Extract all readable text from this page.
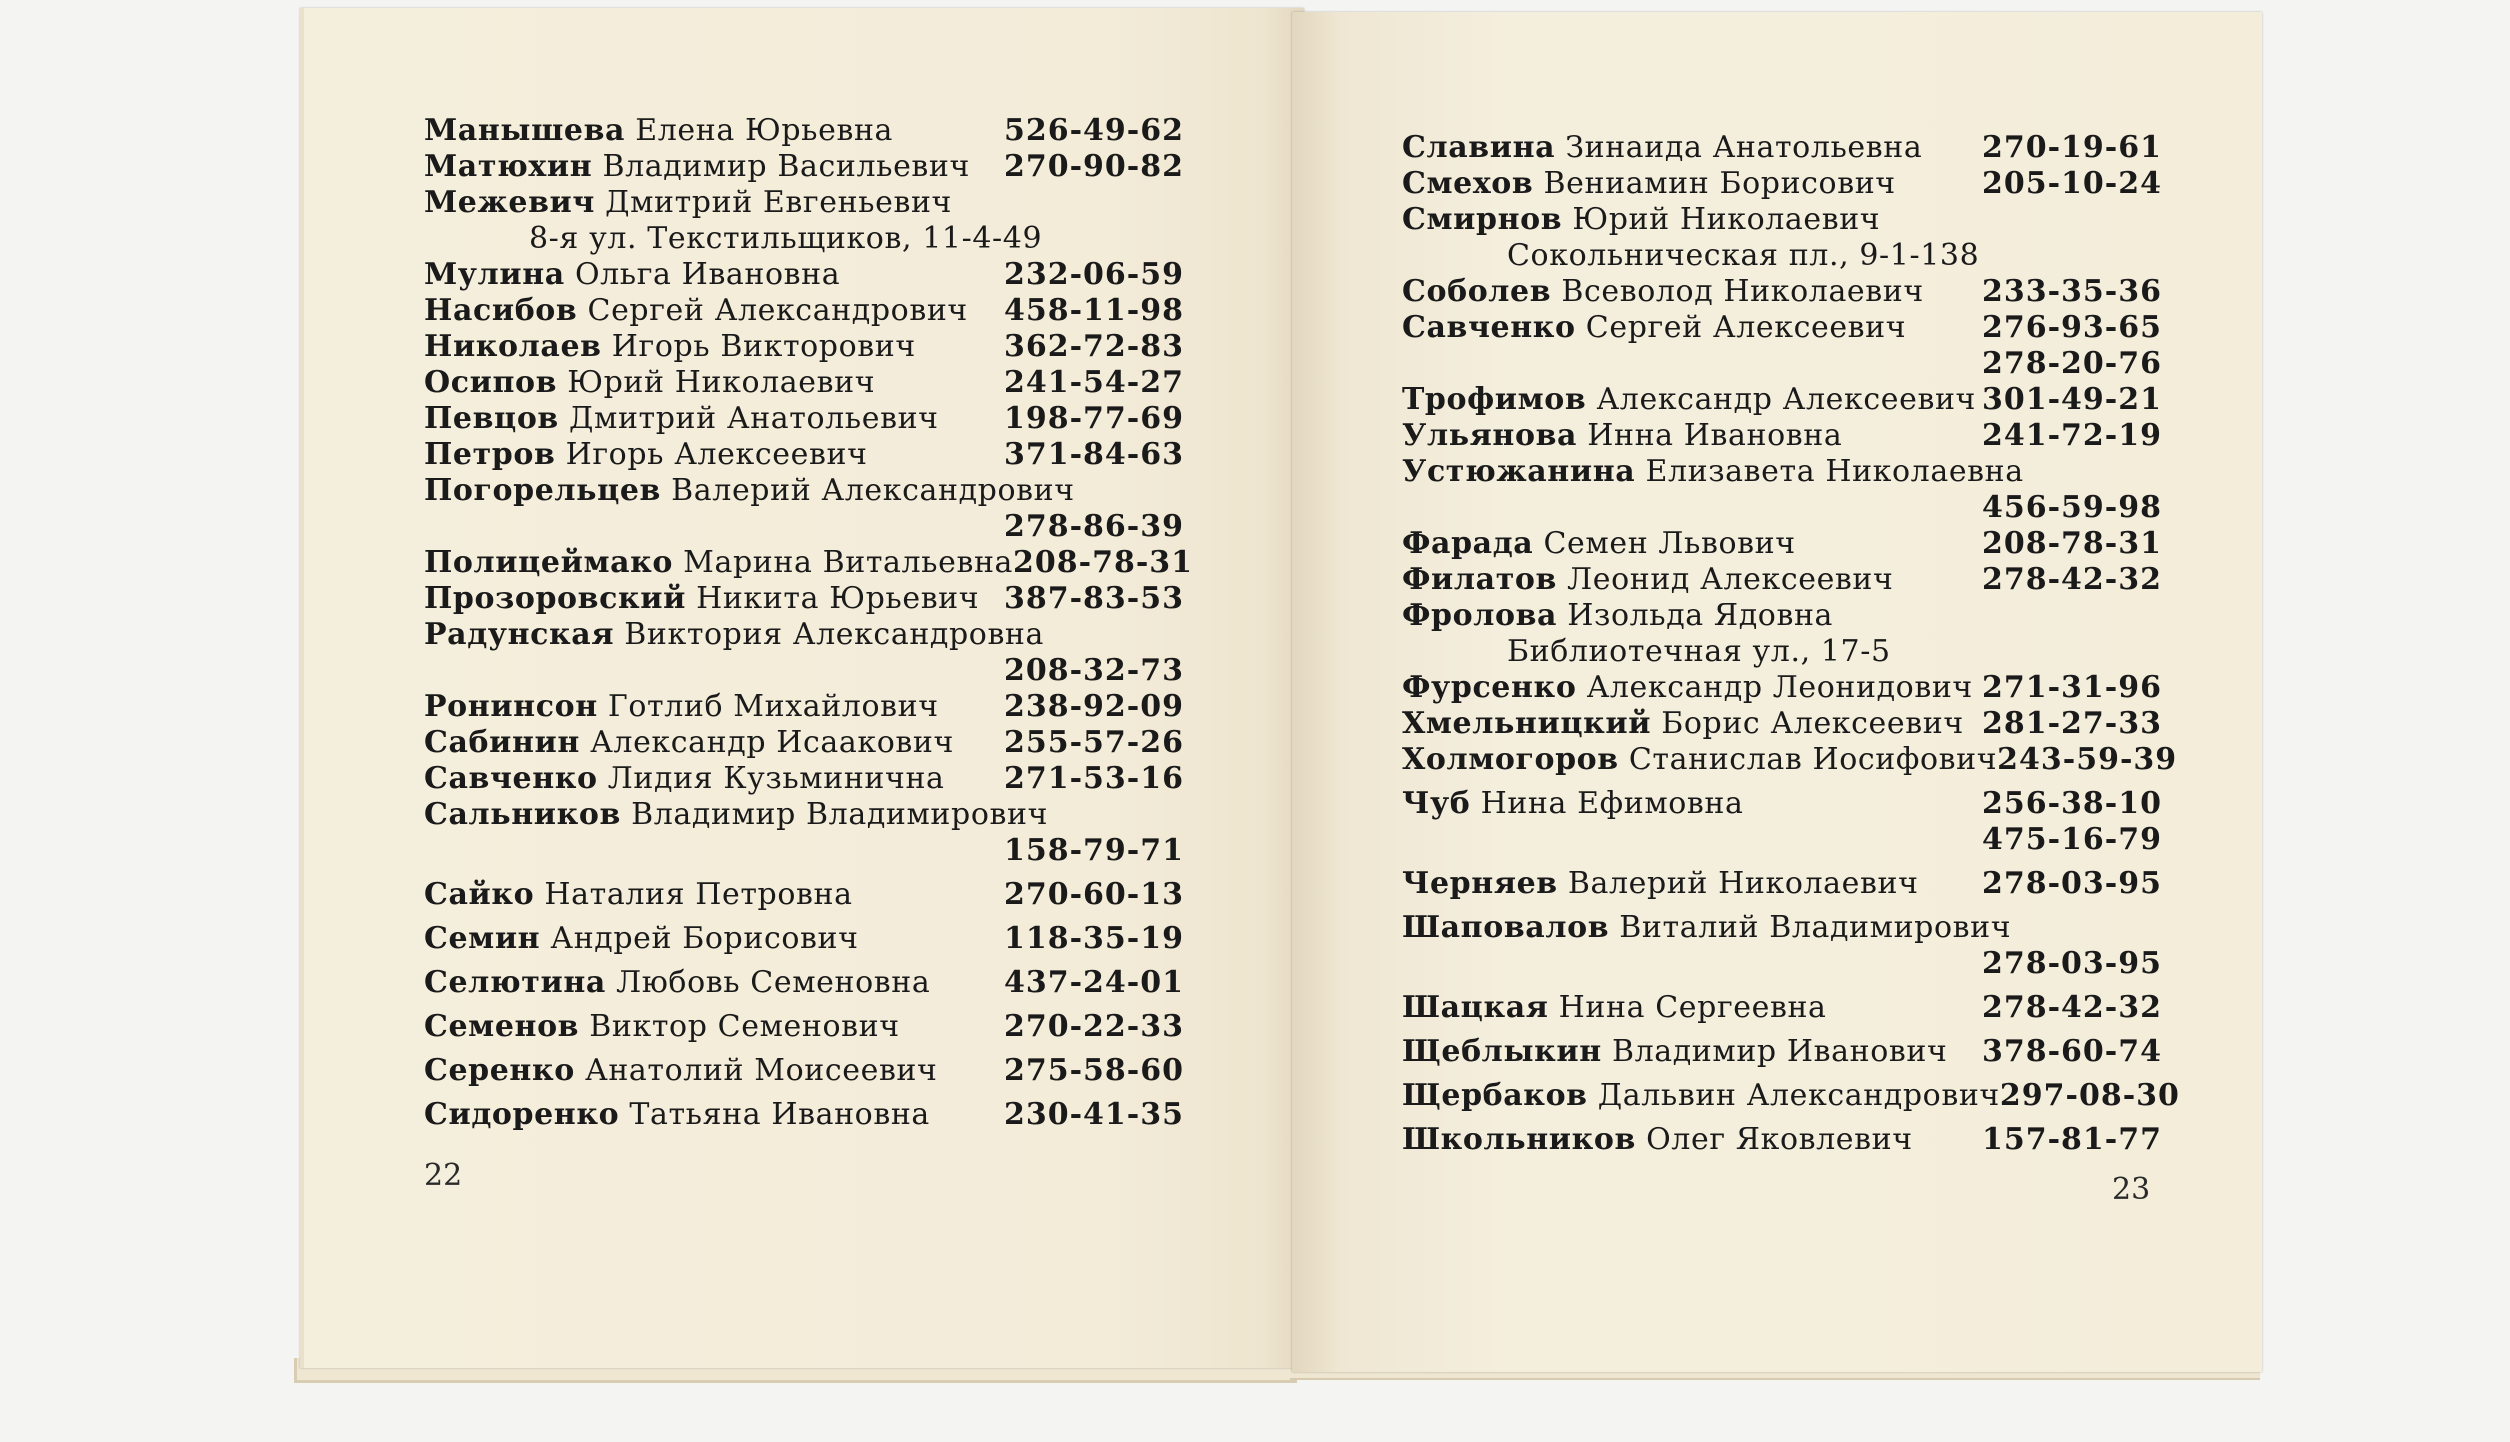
Манышева Елена Юрьевна	526-49-62
Матюхин Владимир Васильевич 270-90-82
Межевич Дмитрий Евгеньевич
8-я ул. Текстильщиков, 11-4-49
Мулина Ольга Ивановна	232-06-59
Насибов Сергей Александрович 458-11-98
Николаев Игорь Викторович	362-72-83
Осипов Юрий Николаевич	241-54-27
Певцов Дмитрий Анатольевич 198-77-69
Петров Игорь Алексеевич	371-84-63
Погорельцев Валерий Александрович
278-86-39
Полицеймако Марина Витальевна 208-78-31
Прозоровский Никита Юрьевич 387-83-53
Радунская Виктория Александровна
208-32-73
Ронинсон Готлиб Михайлович 238-92-09
Сабинин Александр Исаакович 255-57-26
Савченко Лидия Кузьминична 271-53-16
Сальников Владимир Владимирович
158-79-71
Сайко Наталия Петровна	270-60-13
Семин Андрей Борисович	118-35-19
Селютина Любовь Семеновна 437-24-01
Семенов Виктор Семенович	270-22-33
Серенко Анатолий Моисеевич 275-58-60
Сидоренко Татьяна Ивановна 230-41-35
22
Славина Зинаида Анатольевна 270-19-61
Смехов Вениамин Борисович	205-10-24
Смирнов Юрий Николаевич
Сокольническая пл., 9-1-138
Соболев Всеволод Николаевич 233-35-36
Савченко Сергей Алексеевич	276-93-65
278-20-76
Трофимов Александр Алексеевич 301-49-21
Ульянова Инна Ивановна	241-72-19
Устюжанина Елизавета Николаевна
456-59-98
Фарада Семен Львович	208-78-31
Филатов Леонид Алексеевич	278-42-32
Фролова Изольда Ядовна
Библиотечная ул., 17-5
Фурсенко Александр Леонидович 271-31-96
Хмельницкий Борис Алексеевич 281-27-33
Холмогоров Станислав Иосифович 243-59-39
Чуб Нина Ефимовна	256-38-10
475-16-79
Черняев Валерий Николаевич 278-03-95
Шаповалов Виталий Владимирович
278-03-95
Шацкая Нина Сергеевна	278-42-32
Щеблыкин Владимир Иванович 378-60-74
Щербаков Дальвин Александрович 297-08-30
Школьников Олег Яковлевич 157-81-77
23
